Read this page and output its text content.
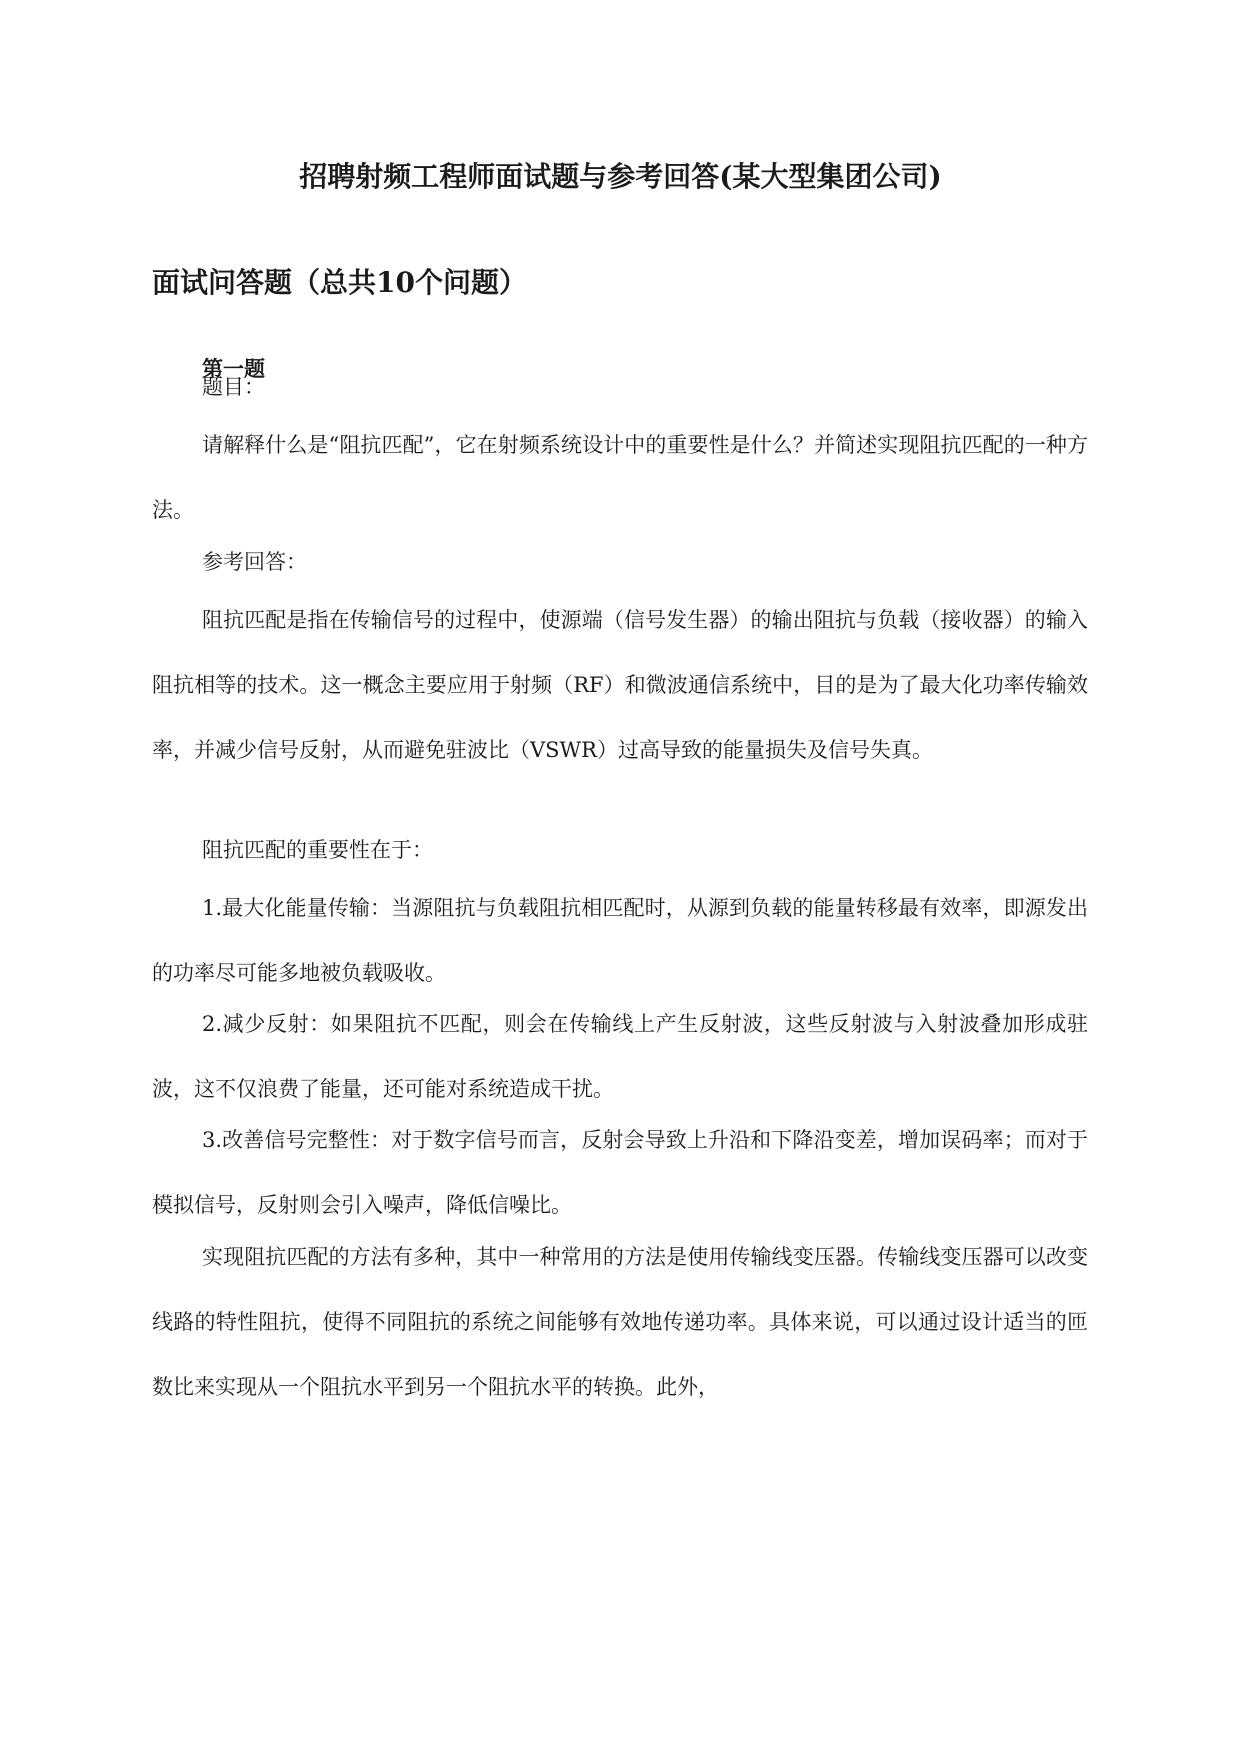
招聘射频工程师面试题与参考回答(某大型集团公司)
面试问答题（总共10个问题）
第一题

题目：

请解释什么是“阻抗匹配”，它在射频系统设计中的重要性是什么？并简述实现阻抗匹配的一种方法。

参考回答：

阻抗匹配是指在传输信号的过程中，使源端（信号发生器）的输出阻抗与负载（接收器）的输入阻抗相等的技术。这一概念主要应用于射频（RF）和微波通信系统中，目的是为了最大化功率传输效率，并减少信号反射，从而避免驻波比（VSWR）过高导致的能量损失及信号失真。

阻抗匹配的重要性在于：

1.最大化能量传输：当源阻抗与负载阻抗相匹配时，从源到负载的能量转移最有效率，即源发出的功率尽可能多地被负载吸收。

2.减少反射：如果阻抗不匹配，则会在传输线上产生反射波，这些反射波与入射波叠加形成驻波，这不仅浪费了能量，还可能对系统造成干扰。

3.改善信号完整性：对于数字信号而言，反射会导致上升沿和下降沿变差，增加误码率；而对于模拟信号，反射则会引入噪声，降低信噪比。

实现阻抗匹配的方法有多种，其中一种常用的方法是使用传输线变压器。传输线变压器可以改变线路的特性阻抗，使得不同阻抗的系统之间能够有效地传递功率。具体来说，可以通过设计适当的匝数比来实现从一个阻抗水平到另一个阻抗水平的转换。此外，
